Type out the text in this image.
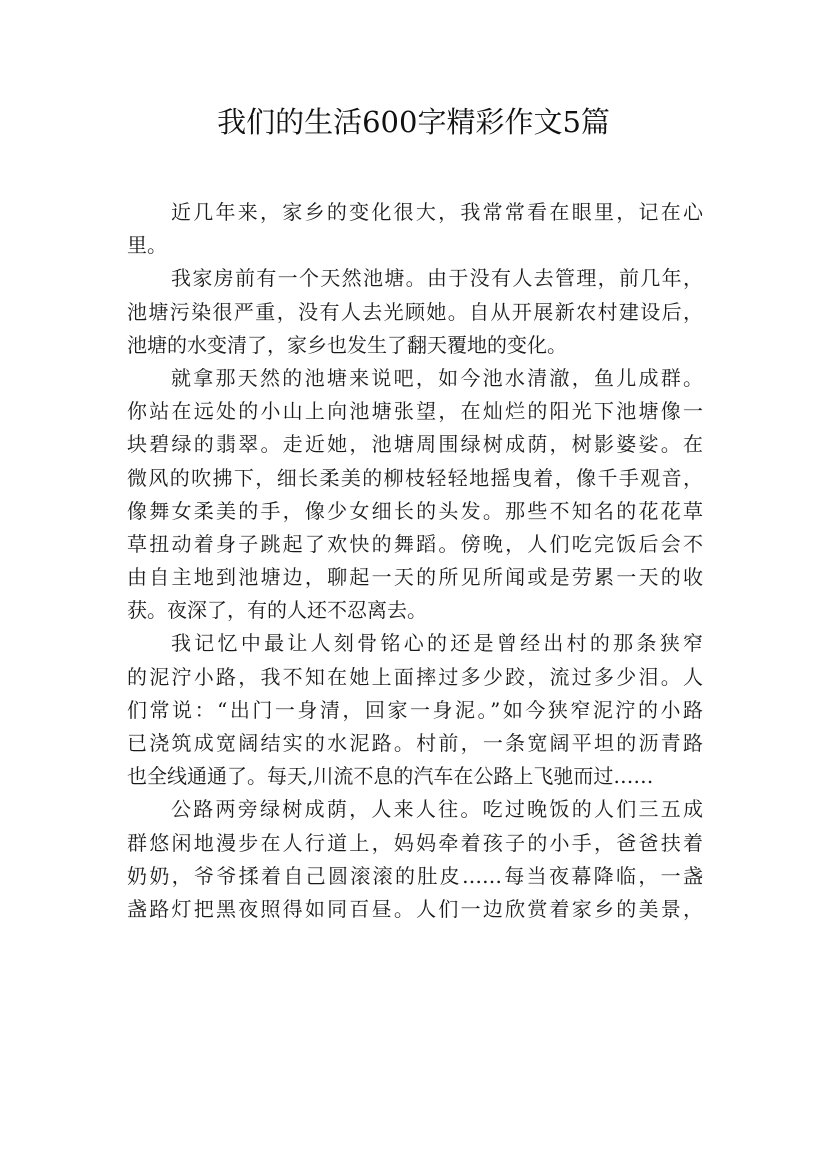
我们的生活600字精彩作文5篇
近几年来，家乡的变化很大，我常常看在眼里，记在心
里。
我家房前有一个天然池塘。由于没有人去管理，前几年，
池塘污染很严重，没有人去光顾她。自从开展新农村建设后，
池塘的水变清了，家乡也发生了翻天覆地的变化。
就拿那天然的池塘来说吧，如今池水清澈，鱼儿成群。
你站在远处的小山上向池塘张望，在灿烂的阳光下池塘像一
块碧绿的翡翠。走近她，池塘周围绿树成荫，树影婆娑。在
微风的吹拂下，细长柔美的柳枝轻轻地摇曳着，像千手观音，
像舞女柔美的手，像少女细长的头发。那些不知名的花花草
草扭动着身子跳起了欢快的舞蹈。傍晚，人们吃完饭后会不
由自主地到池塘边，聊起一天的所见所闻或是劳累一天的收
获。夜深了，有的人还不忍离去。
我记忆中最让人刻骨铭心的还是曾经出村的那条狭窄
的泥泞小路，我不知在她上面摔过多少跤，流过多少泪。人
们常说：“出门一身清，回家一身泥。”如今狭窄泥泞的小路
已浇筑成宽阔结实的水泥路。村前，一条宽阔平坦的沥青路
也全线通通了。每天,川流不息的汽车在公路上飞驰而过……
公路两旁绿树成荫，人来人往。吃过晚饭的人们三五成
群悠闲地漫步在人行道上，妈妈牵着孩子的小手，爸爸扶着
奶奶，爷爷揉着自己圆滚滚的肚皮……每当夜幕降临，一盏
盏路灯把黑夜照得如同百昼。人们一边欣赏着家乡的美景，
